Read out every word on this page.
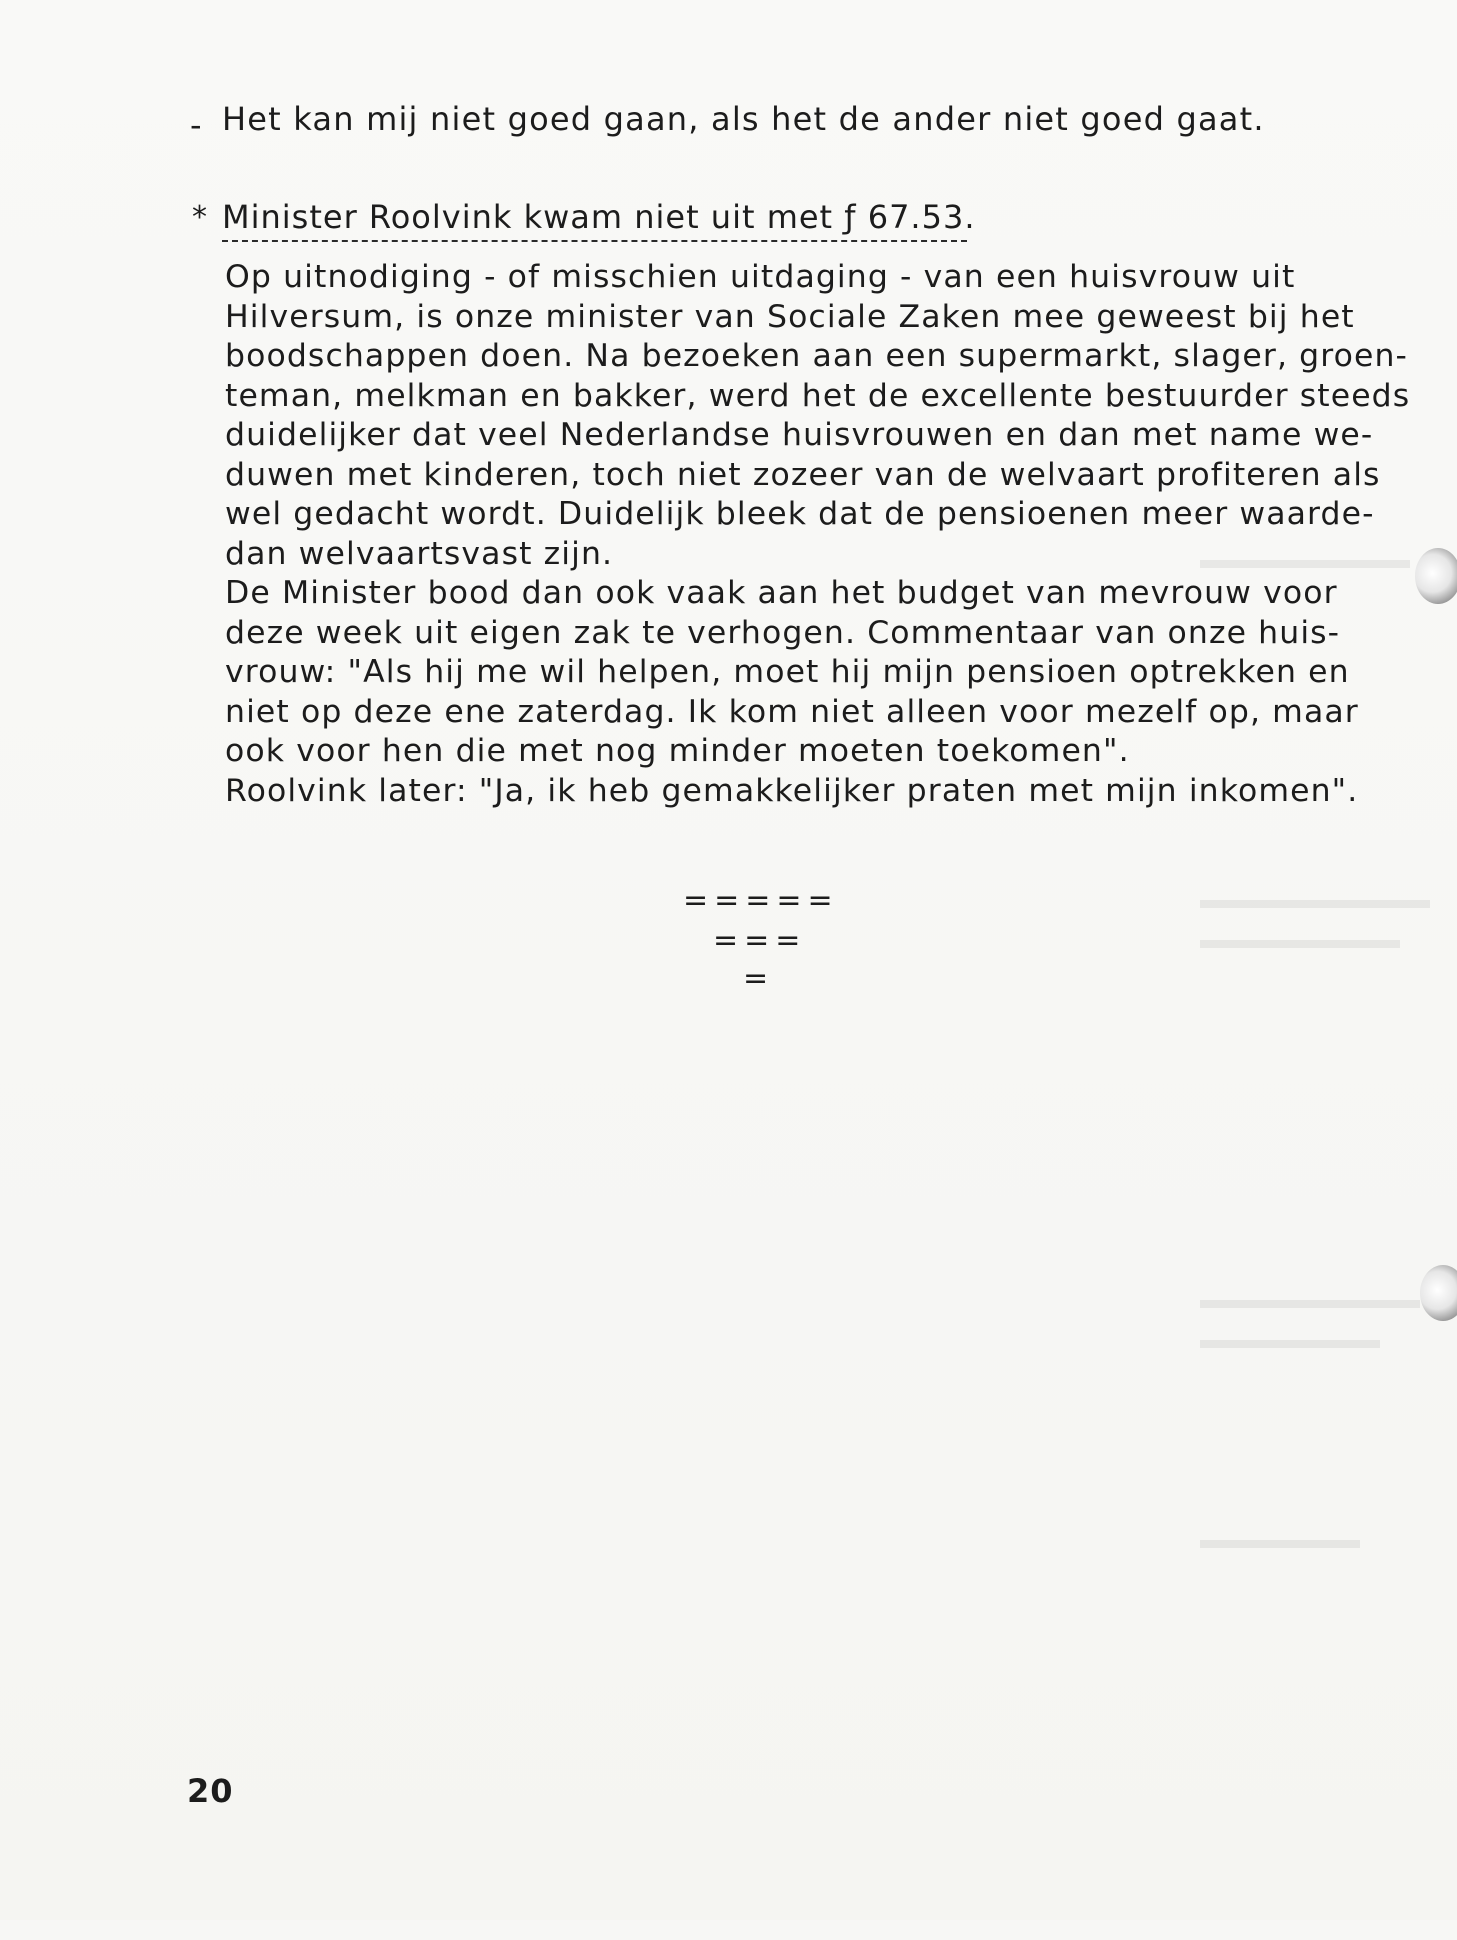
- Het kan mij niet goed gaan, als het de ander niet goed gaat.
* Minister Roolvink kwam niet uit met ƒ 67.53.
Op uitnodiging - of misschien uitdaging - van een huisvrouw uit
Hilversum, is onze minister van Sociale Zaken mee geweest bij het
boodschappen doen. Na bezoeken aan een supermarkt, slager, groen-
teman, melkman en bakker, werd het de excellente bestuurder steeds
duidelijker dat veel Nederlandse huisvrouwen en dan met name we-
duwen met kinderen, toch niet zozeer van de welvaart profiteren als
wel gedacht wordt. Duidelijk bleek dat de pensioenen meer waarde-
dan welvaartsvast zijn.
De Minister bood dan ook vaak aan het budget van mevrouw voor
deze week uit eigen zak te verhogen. Commentaar van onze huis-
vrouw: "Als hij me wil helpen, moet hij mijn pensioen optrekken en
niet op deze ene zaterdag. Ik kom niet alleen voor mezelf op, maar
ook voor hen die met nog minder moeten toekomen".
Roolvink later: "Ja, ik heb gemakkelijker praten met mijn inkomen".
=====
===
=
20
